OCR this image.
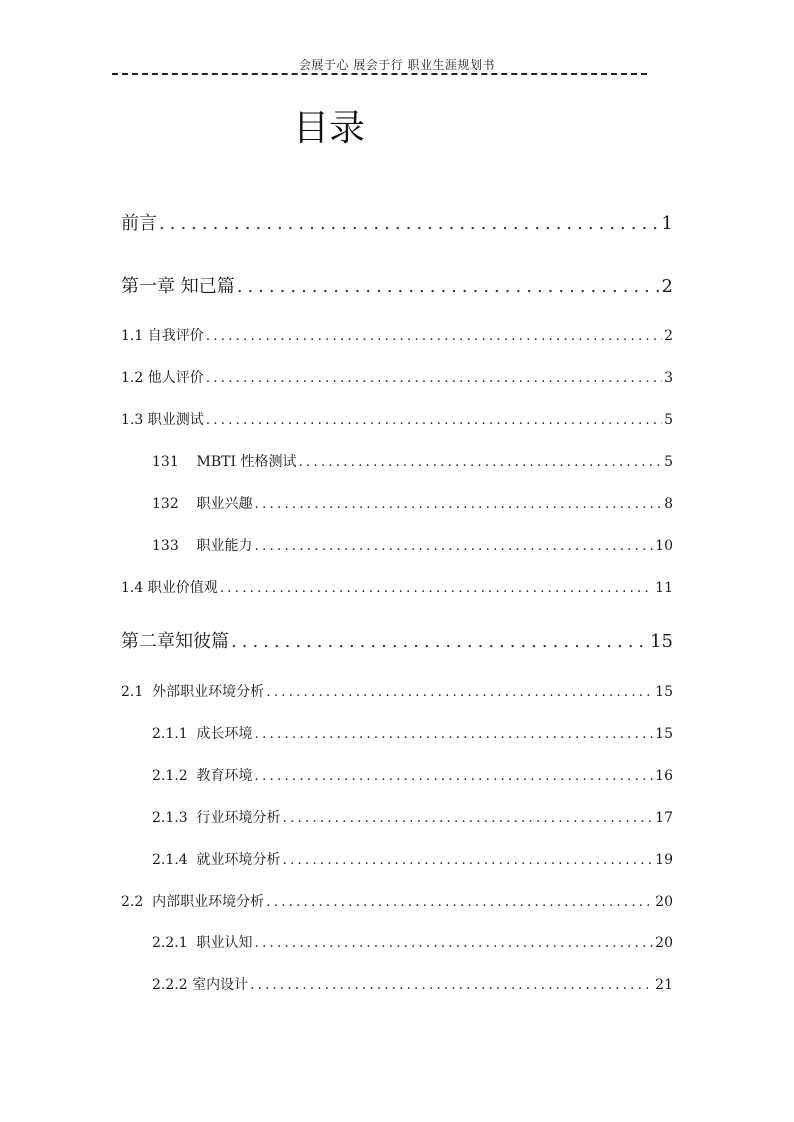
会展于心 展会于行 职业生涯规划书
目录
前言 .....	1
第一章 知己篇 .....	2
1.1 自我评价 .....	2
1.2 他人评价 .....	3
1.3 职业测试 .....	5
131    MBTI 性格测试 .....	5
132    职业兴趣 .....	8
133    职业能力 .....	10
1.4 职业价值观 .....	11
第二章知彼篇 .....	15
2.1  外部职业环境分析 .....	15
2.1.1  成长环境 .....	15
2.1.2  教育环境 .....	16
2.1.3  行业环境分析 .....	17
2.1.4  就业环境分析 .....	19
2.2  内部职业环境分析 .....	20
2.2.1  职业认知 .....	20
2.2.2 室内设计 .....	21
